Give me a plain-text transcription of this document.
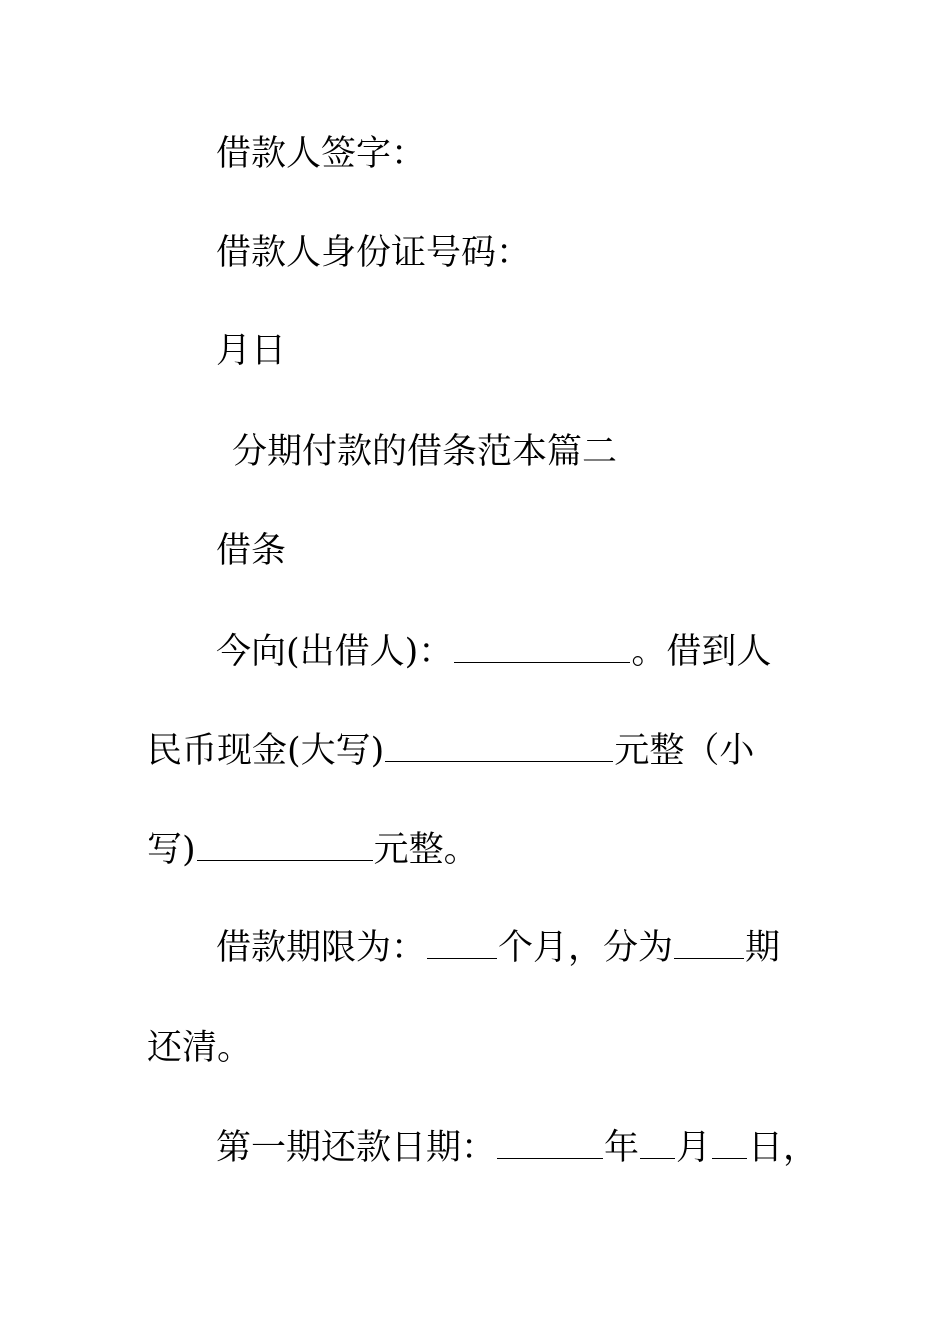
借款人签字：
借款人身份证号码：
月日
分期付款的借条范本篇二
借条
今向(出借人)：	。借到人
民币现金(大写)	元整（小
写)	元整。
借款期限为： 个月，分为 期
还清。
第一期还款日期：	年 月 日，
